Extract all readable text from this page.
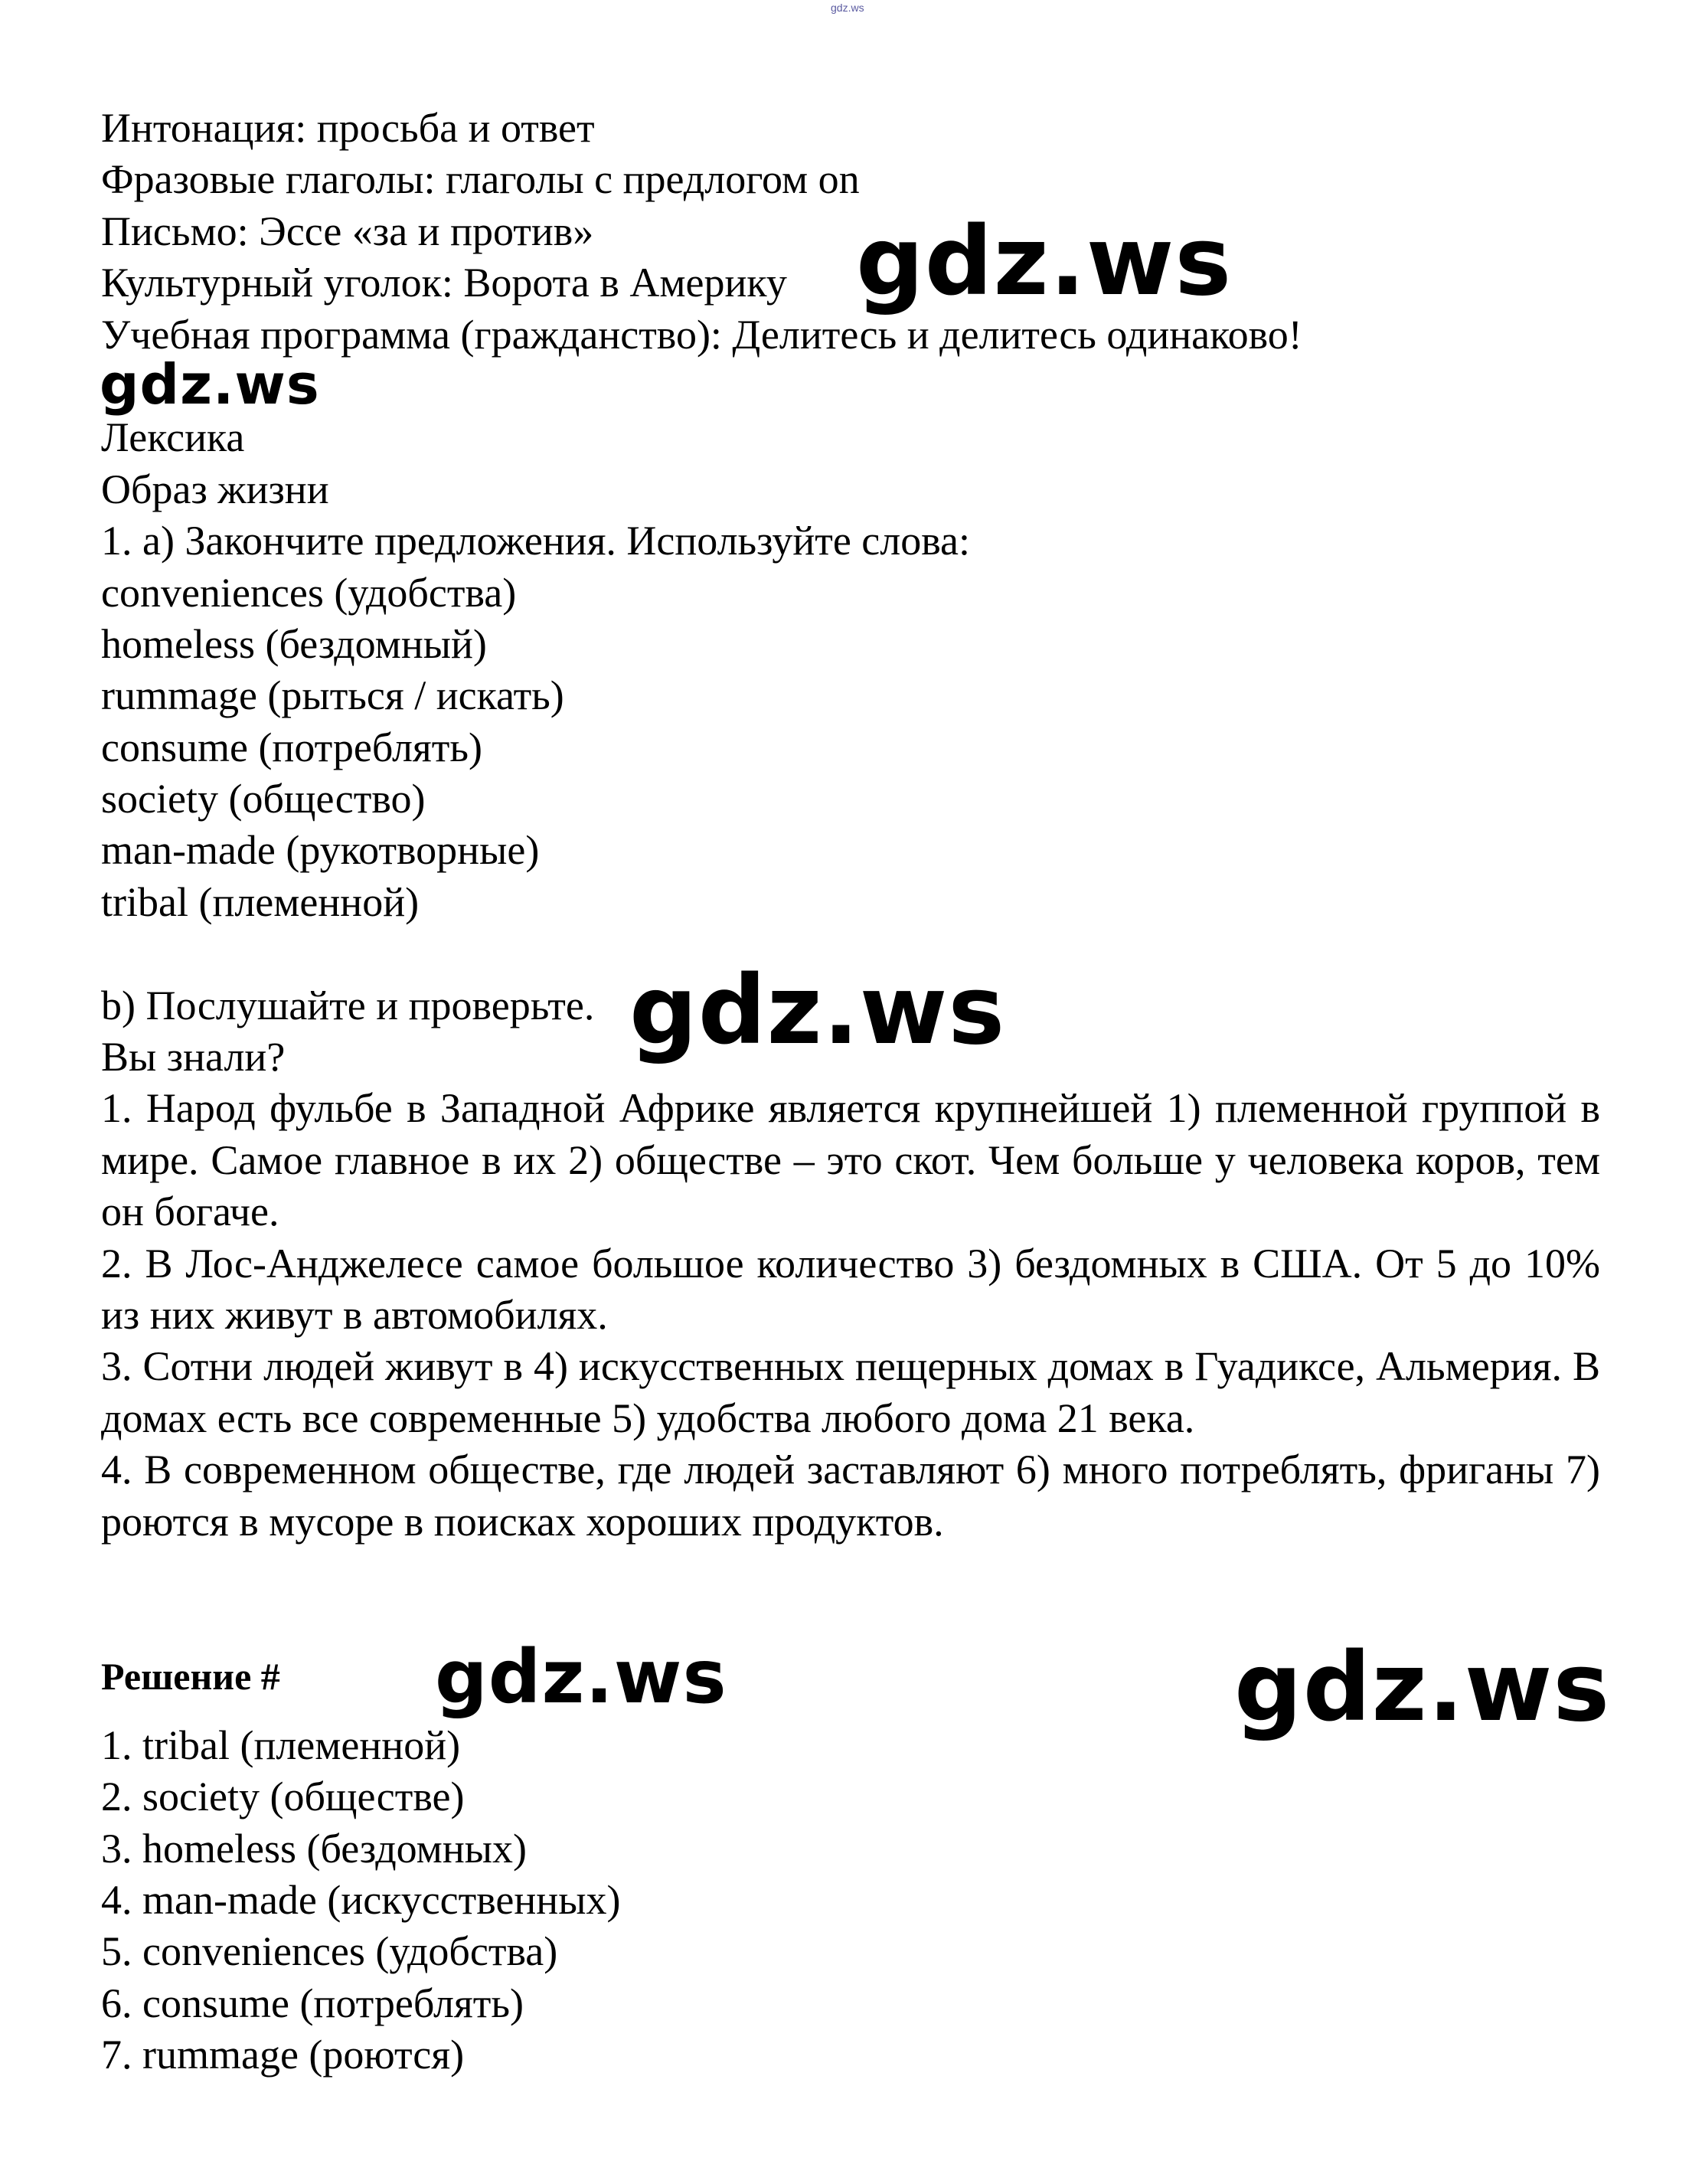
gdz.ws
Интонация: просьба и ответ
Фразовые глаголы: глаголы с предлогом on
Письмо: Эссе «за и против»
Культурный уголок: Ворота в Америку
Учебная программа (гражданство): Делитесь и делитесь одинаково!
Лексика
Образ жизни
1. a) Закончите предложения. Используйте слова:
conveniences (удобства)
homeless (бездомный)
rummage (рыться / искать)
consume (потреблять)
society (общество)
man-made (рукотворные)
tribal (племенной)
b) Послушайте и проверьте.
Вы знали?
1. Народ фульбе в Западной Африке является крупнейшей 1) племенной группой в мире. Самое главное в их 2) обществе – это скот. Чем больше у человека коров, тем он богаче.
2. В Лос-Анджелесе самое большое количество 3) бездомных в США. От 5 до 10% из них живут в автомобилях.
3. Сотни людей живут в 4) искусственных пещерных домах в Гуадиксе, Альмерия. В домах есть все современные 5) удобства любого дома 21 века.
4. В современном обществе, где людей заставляют 6) много потреблять, фриганы 7) роются в мусоре в поисках хороших продуктов.
Решение #
1. tribal (племенной)
2. society (обществе)
3. homeless (бездомных)
4. man-made (искусственных)
5. conveniences (удобства)
6. consume (потреблять)
7. rummage (роются)
gdz.ws
gdz.ws
gdz.ws
gdz.ws	gdz.ws
